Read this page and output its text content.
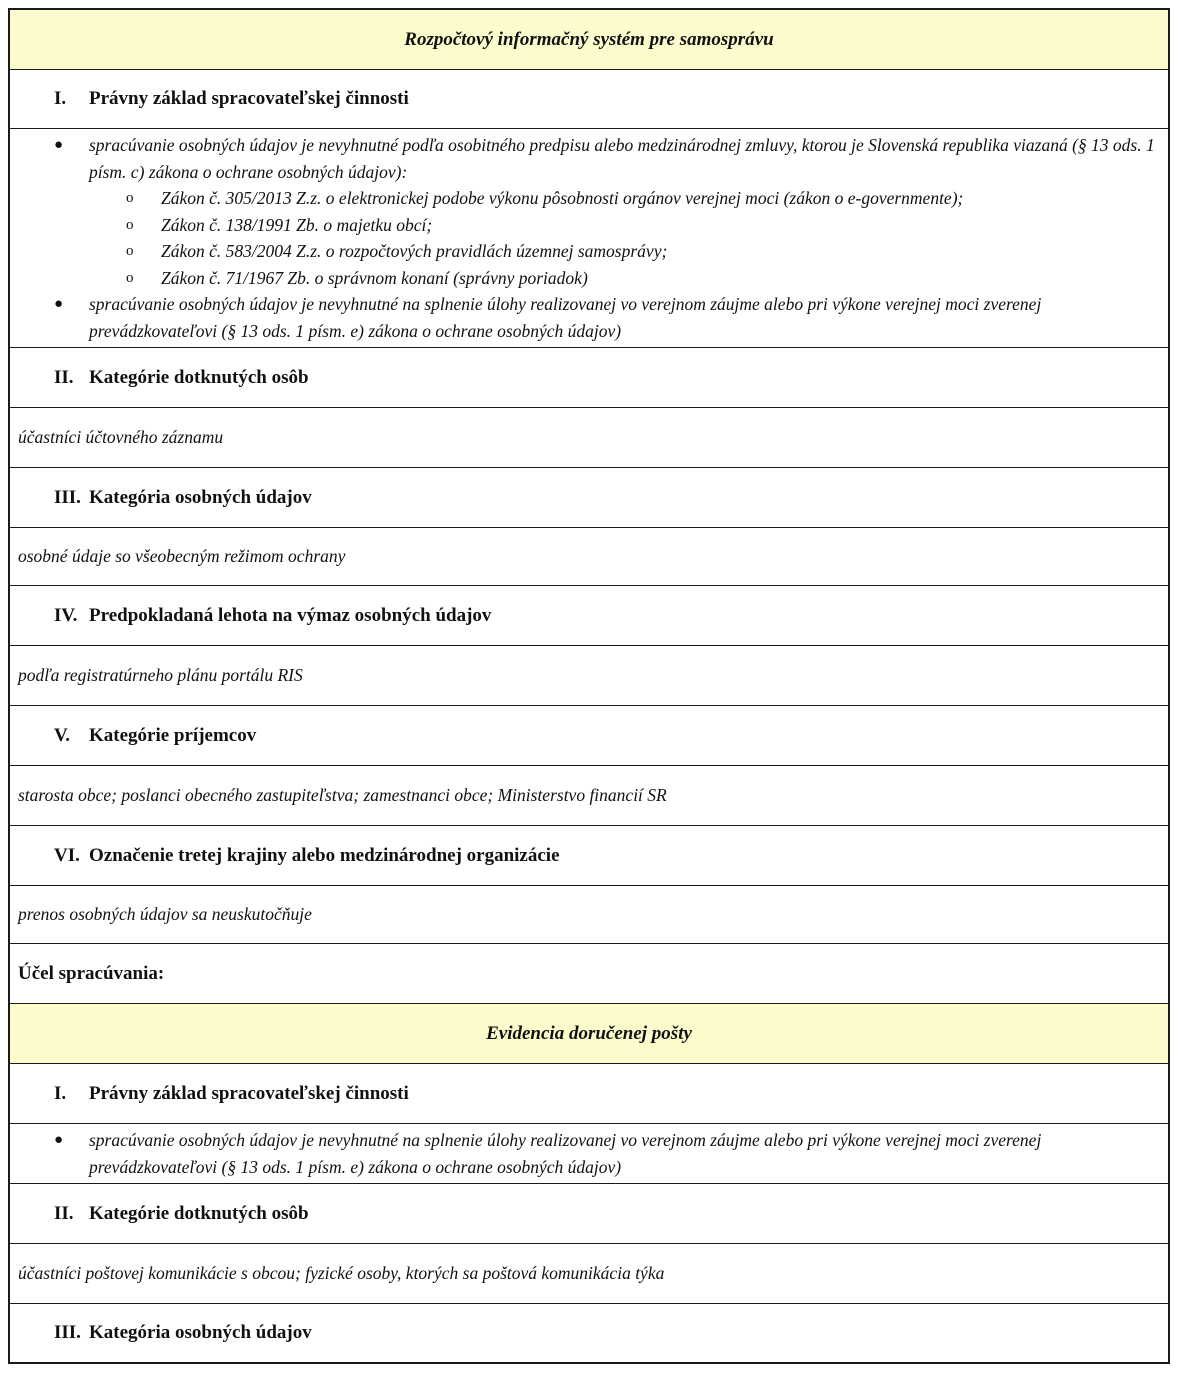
Rozpočtový informačný systém pre samosprávu
I.	Právny základ spracovateľskej činnosti
● spracúvanie osobných údajov je nevyhnutné podľa osobitného predpisu alebo medzinárodnej zmluvy, ktorou je Slovenská republika viazaná (§ 13 ods. 1 písm. c) zákona o ochrane osobných údajov):
o Zákon č. 305/2013 Z.z. o elektronickej podobe výkonu pôsobnosti orgánov verejnej moci (zákon o e-governmente);
o Zákon č. 138/1991 Zb. o majetku obcí;
o Zákon č. 583/2004 Z.z. o rozpočtových pravidlách územnej samosprávy;
o Zákon č. 71/1967 Zb. o správnom konaní (správny poriadok)
● spracúvanie osobných údajov je nevyhnutné na splnenie úlohy realizovanej vo verejnom záujme alebo pri výkone verejnej moci zverenej prevádzkovateľovi (§ 13 ods. 1 písm. e) zákona o ochrane osobných údajov)
II. Kategórie dotknutých osôb
účastníci účtovného záznamu
III. Kategória osobných údajov
osobné údaje so všeobecným režimom ochrany
IV. Predpokladaná lehota na výmaz osobných údajov
podľa registratúrneho plánu portálu RIS
V. Kategórie príjemcov
starosta obce; poslanci obecného zastupiteľstva; zamestnanci obce; Ministerstvo financií SR
VI. Označenie tretej krajiny alebo medzinárodnej organizácie
prenos osobných údajov sa neuskutočňuje
Účel spracúvania:
Evidencia doručenej pošty
I.	Právny základ spracovateľskej činnosti
● spracúvanie osobných údajov je nevyhnutné na splnenie úlohy realizovanej vo verejnom záujme alebo pri výkone verejnej moci zverenej prevádzkovateľovi (§ 13 ods. 1 písm. e) zákona o ochrane osobných údajov)
II. Kategórie dotknutých osôb
účastníci poštovej komunikácie s obcou; fyzické osoby, ktorých sa poštová komunikácia týka
III. Kategória osobných údajov
